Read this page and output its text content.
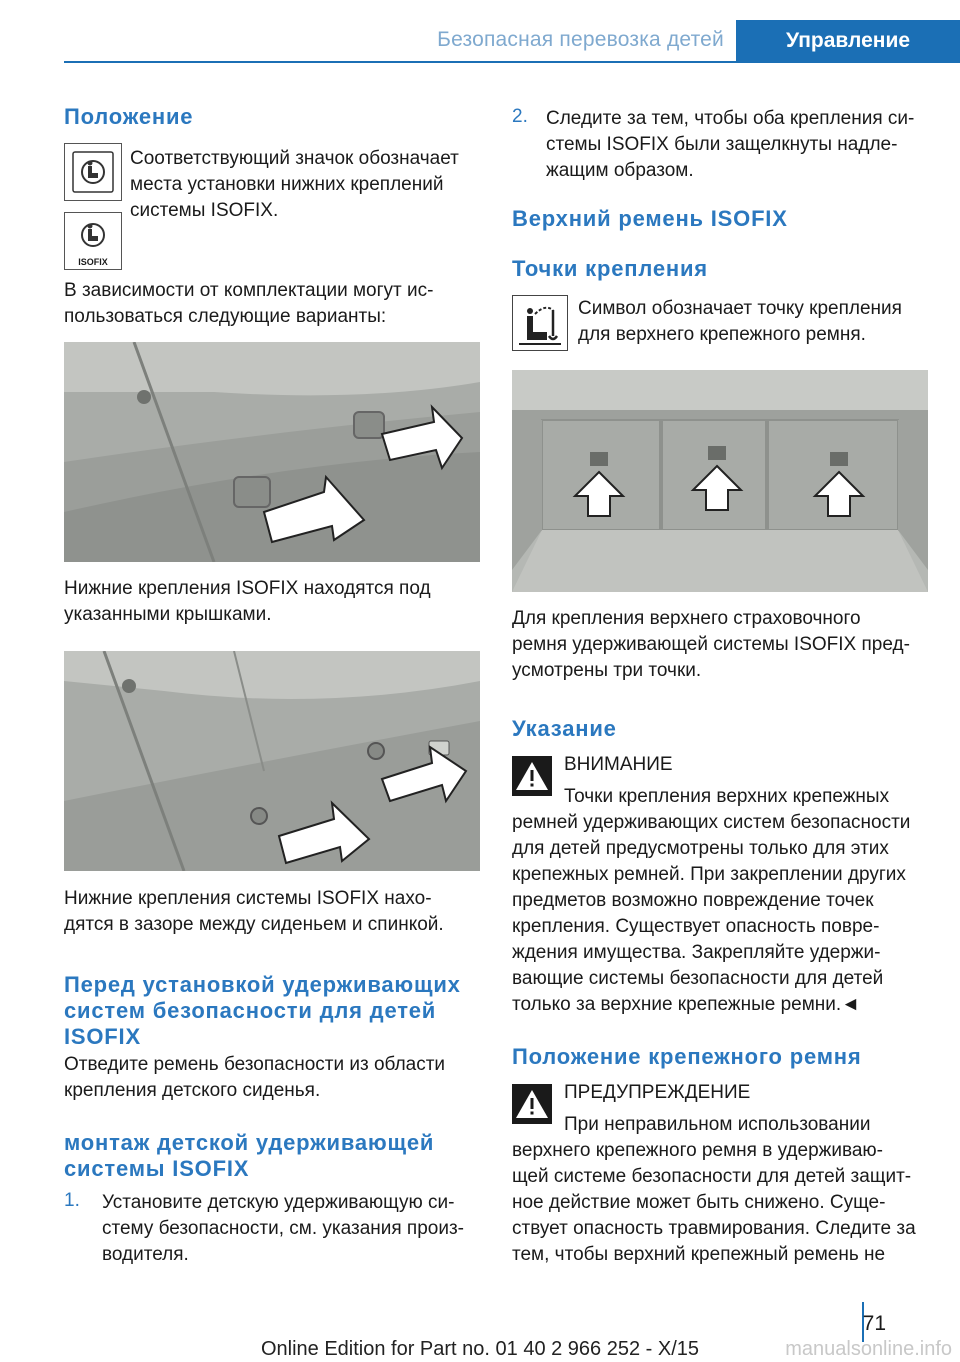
Безопасная перевозка детей	Управление
Положение
ISOFIX

Соответствующий значок обозначает

места установки нижних креплений

системы ISOFIX.

В зависимости от комплектации могут ис-

пользоваться следующие варианты:

Нижние крепления ISOFIX находятся под

указанными крышками.

Нижние крепления системы ISOFIX нахо-

дятся в зазоре между сиденьем и спинкой.

Перед установкой удерживающих
систем безопасности для детей
ISOFIX

Отведите ремень безопасности из области

крепления детского сиденья.

монтаж детской удерживающей
системы ISOFIX
1. Установите детскую удерживающую си-

стему безопасности, см. указания произ-

водителя.

2. Следите за тем, чтобы оба крепления си-

стемы ISOFIX были защелкнуты надле-

жащим образом.

Верхний ремень ISOFIX
Точки крепления

Символ обозначает точку крепления

для верхнего крепежного ремня.

Для крепления верхнего страховочного

ремня удерживающей системы ISOFIX пред-

усмотрены три точки.

Указание

ВНИМАНИЕ

Точки крепления верхних крепежных

ремней удерживающих систем безопасности

для детей предусмотрены только для этих

крепежных ремней. При закреплении других

предметов возможно повреждение точек

крепления. Существует опасность повре-

ждения имущества. Закрепляйте удержи-

вающие системы безопасности для детей

только за верхние крепежные ремни.◄

Положение крепежного ремня

ПРЕДУПРЕЖДЕНИЕ

При неправильном использовании

верхнего крепежного ремня в удерживаю-

щей системе безопасности для детей защит-

ное действие может быть снижено. Суще-

ствует опасность травмирования. Следите за

тем, чтобы верхний крепежный ремень не

71
Online Edition for Part no. 01 40 2 966 252 - X/15	manualsonline.info
